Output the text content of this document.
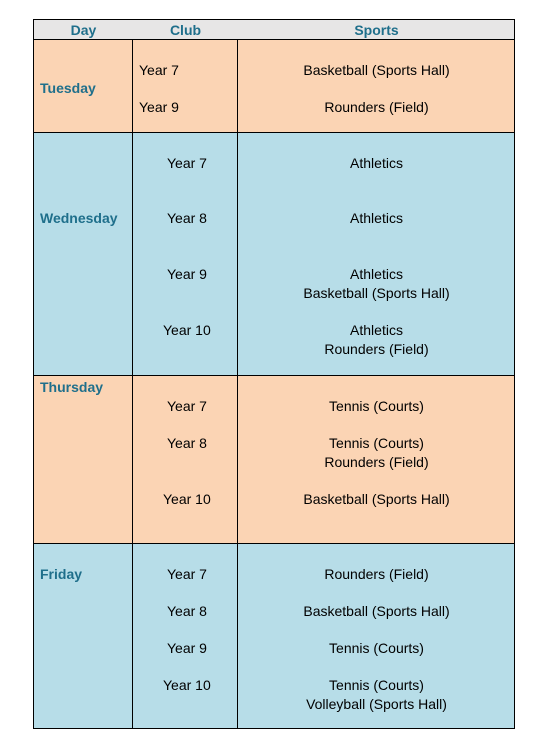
Day	Club	Sports
Tuesday
Year 7	Basketball (Sports Hall)
Year 9	Rounders (Field)
Wednesday
Year 7	Athletics
Year 8	Athletics
Year 9	Athletics
Basketball (Sports Hall)
Year 10	Athletics
Rounders (Field)
Thursday
Year 7	Tennis (Courts)
Year 8	Tennis (Courts)
Rounders (Field)
Year 10	Basketball (Sports Hall)
Friday	Year 7	Rounders (Field)
Year 8	Basketball (Sports Hall)
Year 9	Tennis (Courts)
Year 10	Tennis (Courts)
Volleyball (Sports Hall)
